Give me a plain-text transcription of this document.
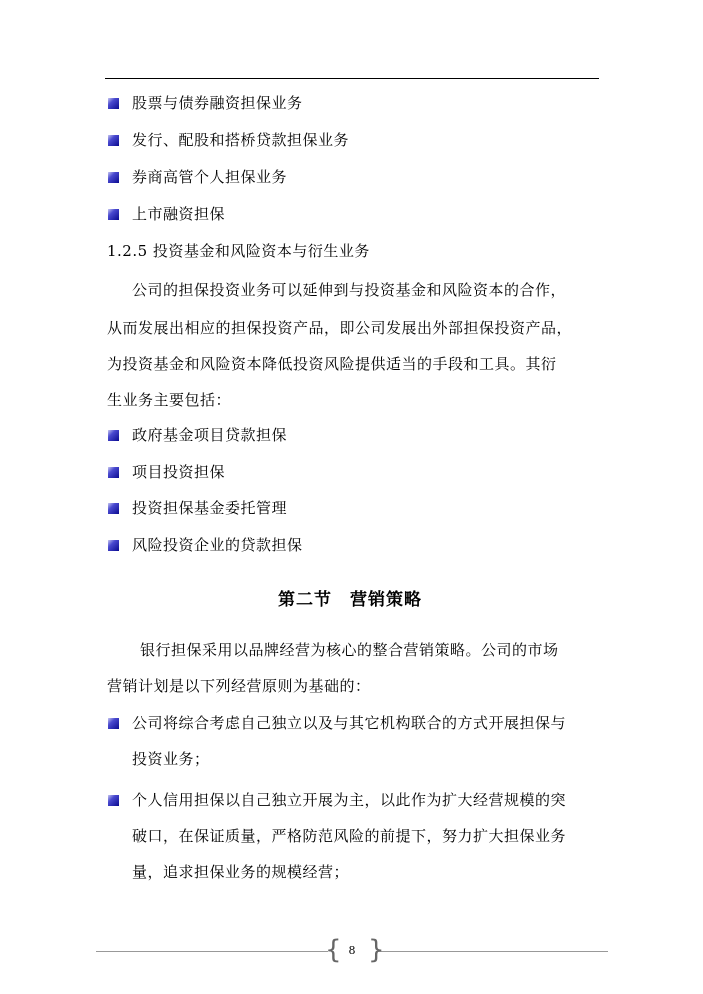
股票与债券融资担保业务
发行、配股和搭桥贷款担保业务
券商高管个人担保业务
上市融资担保
1.2.5 投资基金和风险资本与衍生业务
公司的担保投资业务可以延伸到与投资基金和风险资本的合作，
从而发展出相应的担保投资产品，即公司发展出外部担保投资产品，
为投资基金和风险资本降低投资风险提供适当的手段和工具。其衍
生业务主要包括：
政府基金项目贷款担保
项目投资担保
投资担保基金委托管理
风险投资企业的贷款担保
第二节　营销策略
银行担保采用以品牌经营为核心的整合营销策略。公司的市场
营销计划是以下列经营原则为基础的：
公司将综合考虑自己独立以及与其它机构联合的方式开展担保与
投资业务；
个人信用担保以自己独立开展为主，以此作为扩大经营规模的突
破口，在保证质量，严格防范风险的前提下，努力扩大担保业务
量，追求担保业务的规模经营；
{ }
8
